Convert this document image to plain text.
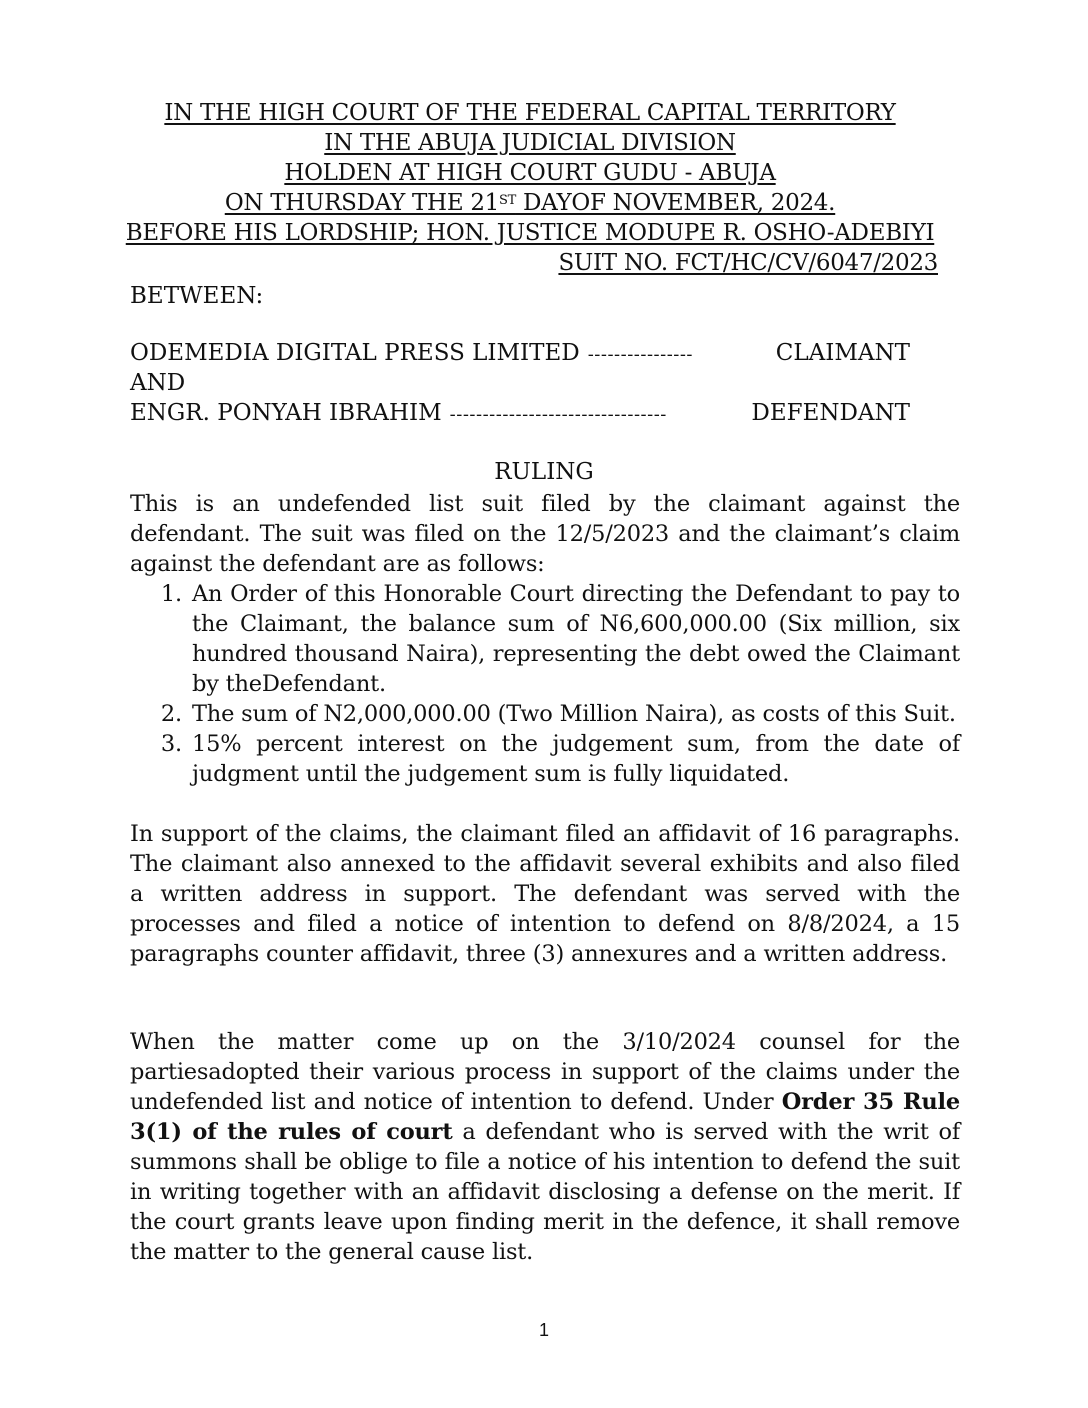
IN THE HIGH COURT OF THE FEDERAL CAPITAL TERRITORY
IN THE ABUJA JUDICIAL DIVISION
HOLDEN AT HIGH COURT GUDU - ABUJA
ON THURSDAY THE 21ST DAYOF NOVEMBER, 2024.
BEFORE HIS LORDSHIP; HON. JUSTICE MODUPE R. OSHO-ADEBIYI
SUIT NO. FCT/HC/CV/6047/2023
BETWEEN:
ODEMEDIA DIGITAL PRESS LIMITED ----------------	CLAIMANT
AND
ENGR. PONYAH IBRAHIM ---------------------------------	DEFENDANT
RULING

This is an undefended list suit filed by the claimant against the defendant. The suit was filed on the 12/5/2023 and the claimant’s claim against the defendant are as follows:

1. An Order of this Honorable Court directing the Defendant to pay to the Claimant, the balance sum of N6,600,000.00 (Six million, six hundred thousand Naira), representing the debt owed the Claimant by theDefendant.
2. The sum of N2,000,000.00 (Two Million Naira), as costs of this Suit.
3. 15% percent interest on the judgement sum, from the date of judgment until the judgement sum is fully liquidated.

In support of the claims, the claimant filed an affidavit of 16 paragraphs. The claimant also annexed to the affidavit several exhibits and also filed a written address in support. The defendant was served with the processes and filed a notice of intention to defend on 8/8/2024, a 15 paragraphs counter affidavit, three (3) annexures and a written address.

When the matter come up on the 3/10/2024 counsel for the partiesadopted their various process in support of the claims under the undefended list and notice of intention to defend. Under Order 35 Rule 3(1) of the rules of court a defendant who is served with the writ of summons shall be oblige to file a notice of his intention to defend the suit in writing together with an affidavit disclosing a defense on the merit. If the court grants leave upon finding merit in the defence, it shall remove the matter to the general cause list.

1
